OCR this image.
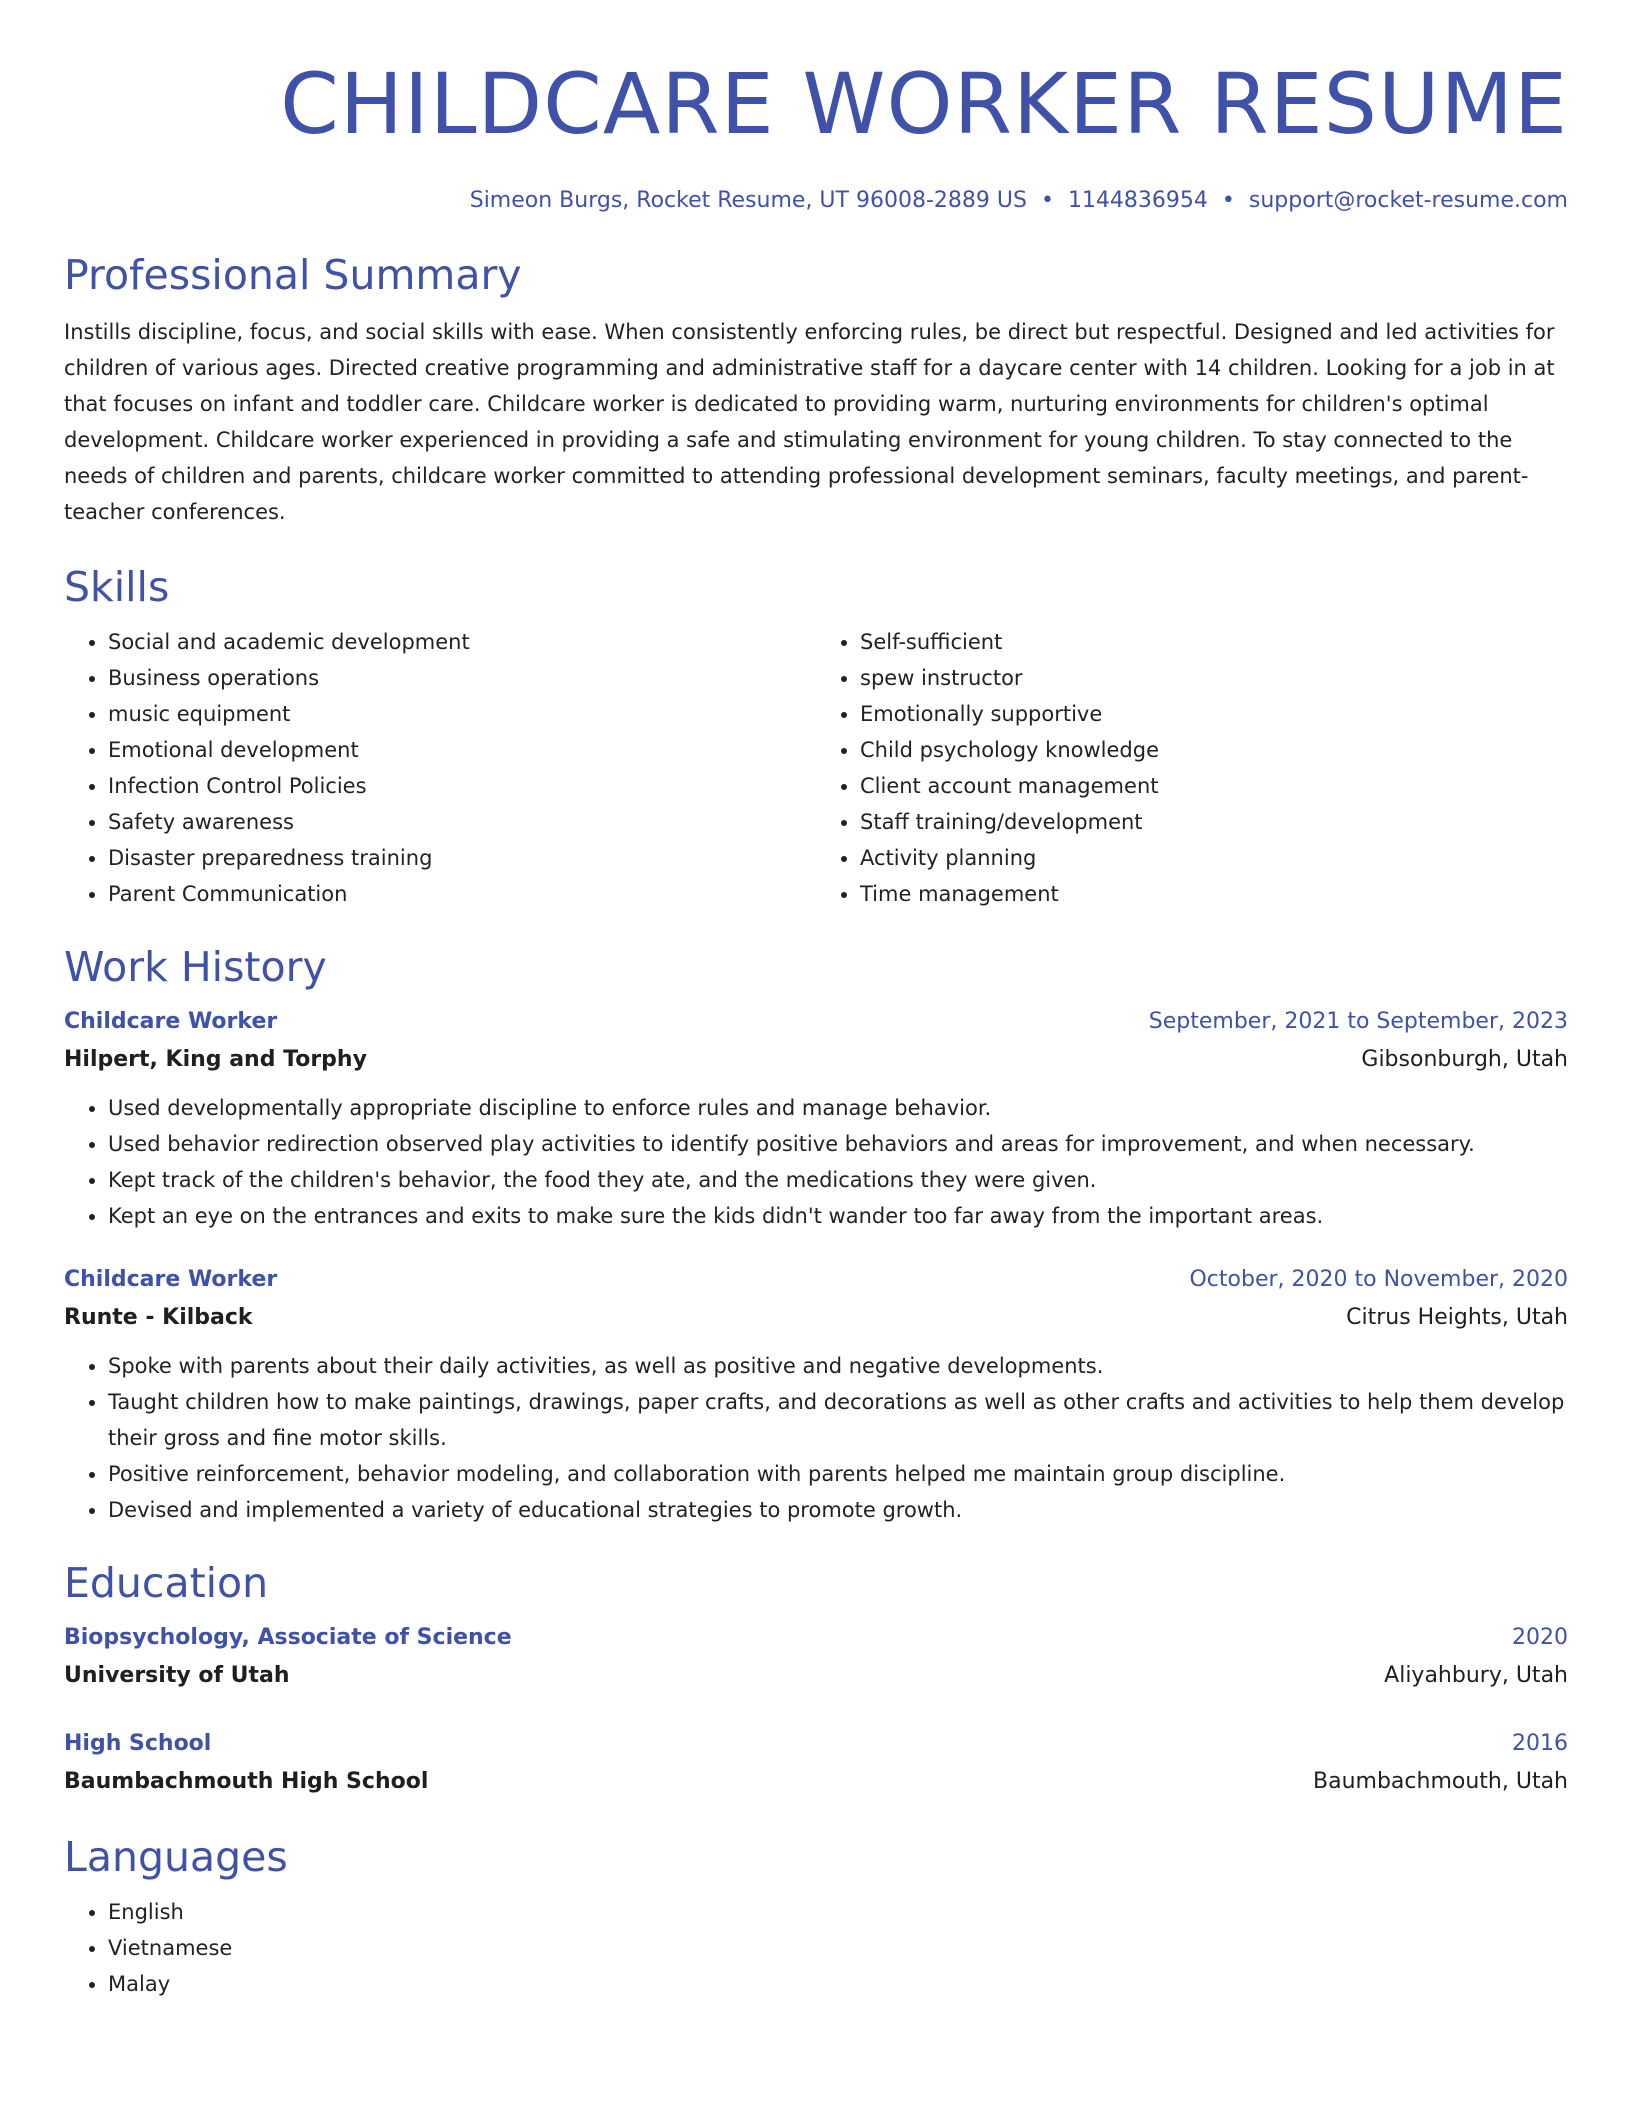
CHILDCARE WORKER RESUME
Simeon Burgs, Rocket Resume, UT 96008-2889 US • 1144836954 • support@rocket-resume.com
Professional Summary

Instills discipline, focus, and social skills with ease. When consistently enforcing rules, be direct but respectful. Designed and led activities for children of various ages. Directed creative programming and administrative staff for a daycare center with 14 children. Looking for a job in at that focuses on infant and toddler care. Childcare worker is dedicated to providing warm, nurturing environments for children's optimal development. Childcare worker experienced in providing a safe and stimulating environment for young children. To stay connected to the needs of children and parents, childcare worker committed to attending professional development seminars, faculty meetings, and parent-teacher conferences.

Skills
• Social and academic development
• Business operations
• music equipment
• Emotional development
• Infection Control Policies
• Safety awareness
• Disaster preparedness training
• Parent Communication
• Self-sufficient
• spew instructor
• Emotionally supportive
• Child psychology knowledge
• Client account management
• Staff training/development
• Activity planning
• Time management
Work History
Childcare Worker	September, 2021 to September, 2023
Hilpert, King and Torphy	Gibsonburgh, Utah
• Used developmentally appropriate discipline to enforce rules and manage behavior.
• Used behavior redirection observed play activities to identify positive behaviors and areas for improvement, and when necessary.
• Kept track of the children's behavior, the food they ate, and the medications they were given.
• Kept an eye on the entrances and exits to make sure the kids didn't wander too far away from the important areas.
Childcare Worker	October, 2020 to November, 2020
Runte - Kilback	Citrus Heights, Utah
• Spoke with parents about their daily activities, as well as positive and negative developments.
• Taught children how to make paintings, drawings, paper crafts, and decorations as well as other crafts and activities to help them develop their gross and fine motor skills.
• Positive reinforcement, behavior modeling, and collaboration with parents helped me maintain group discipline.
• Devised and implemented a variety of educational strategies to promote growth.
Education
Biopsychology, Associate of Science	2020
University of Utah	Aliyahbury, Utah
High School	2016
Baumbachmouth High School	Baumbachmouth, Utah
Languages
• English
• Vietnamese
• Malay
